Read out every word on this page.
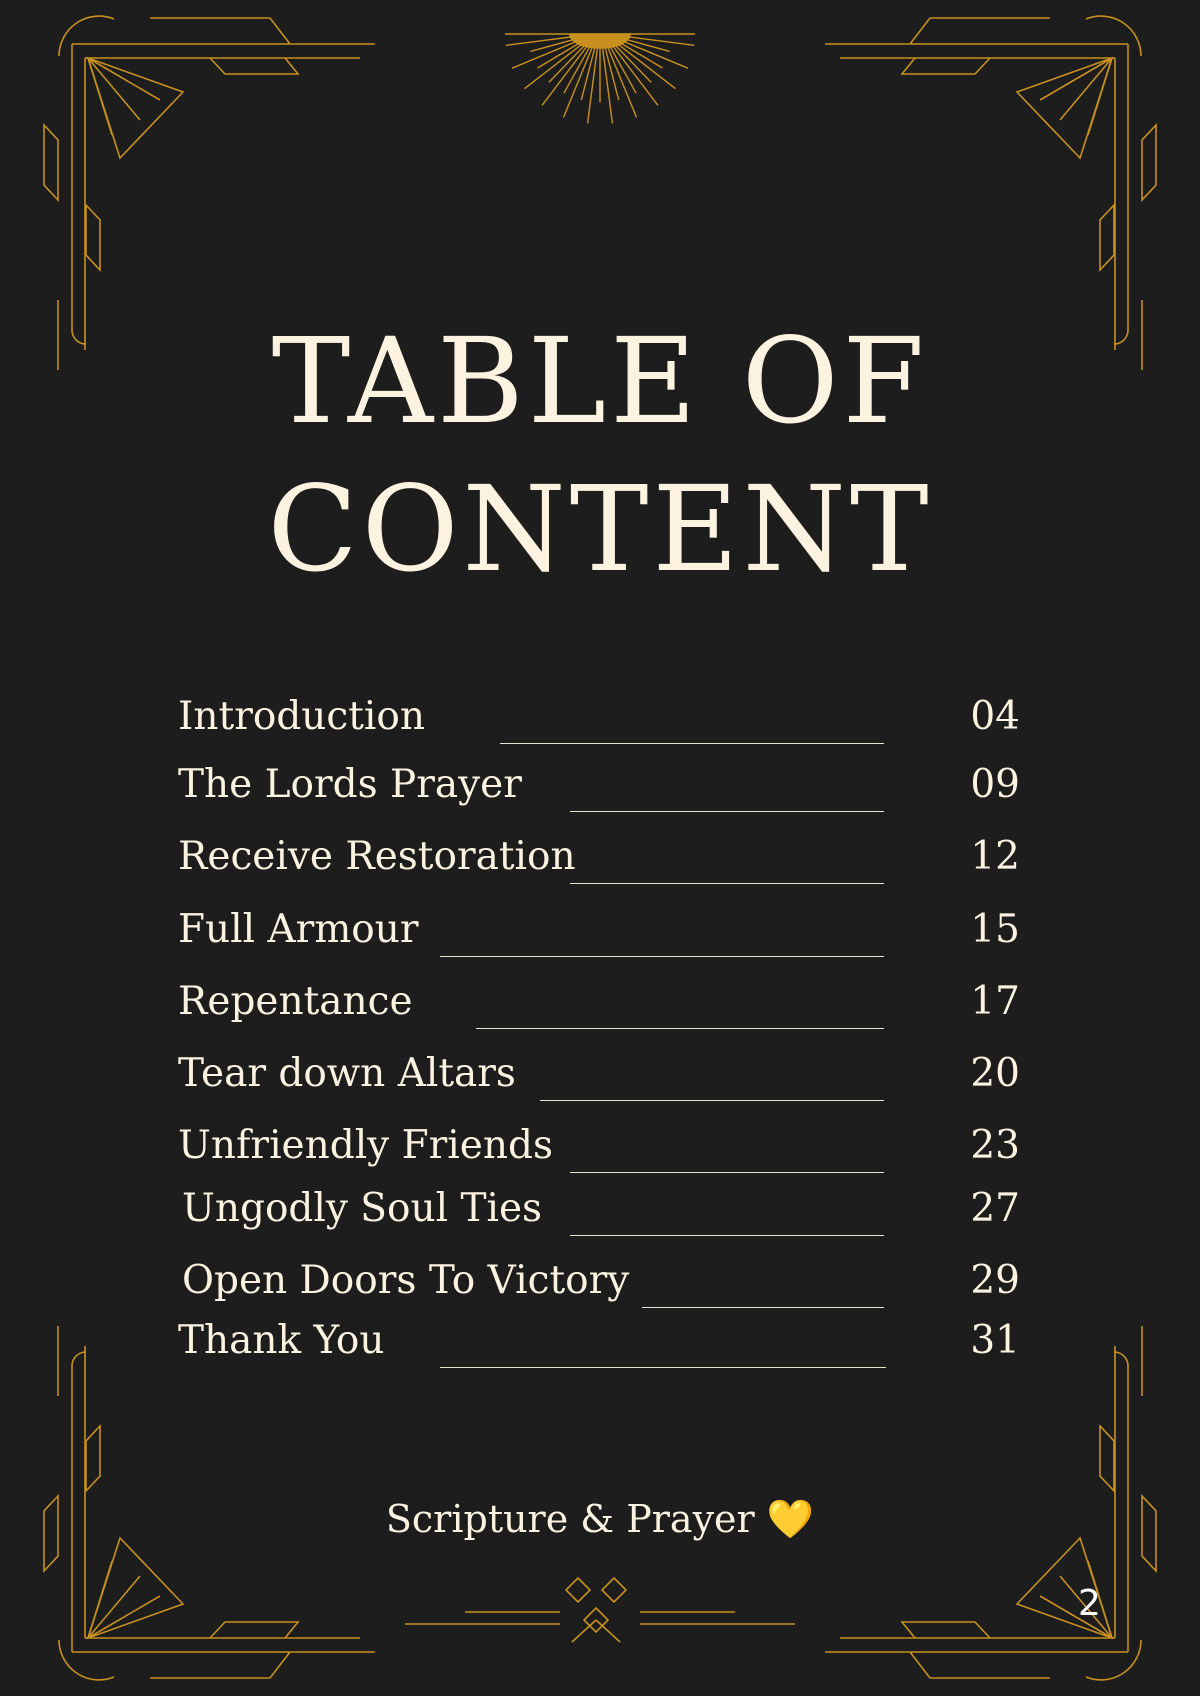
TABLE OF
CONTENT
Introduction	04
The Lords Prayer	09
Receive Restoration	12
Full Armour	15
Repentance	17
Tear down Altars	20
Unfriendly Friends	23
Ungodly Soul Ties	27
Open Doors To Victory	29
Thank You	31
Scripture & Prayer 💛
2
